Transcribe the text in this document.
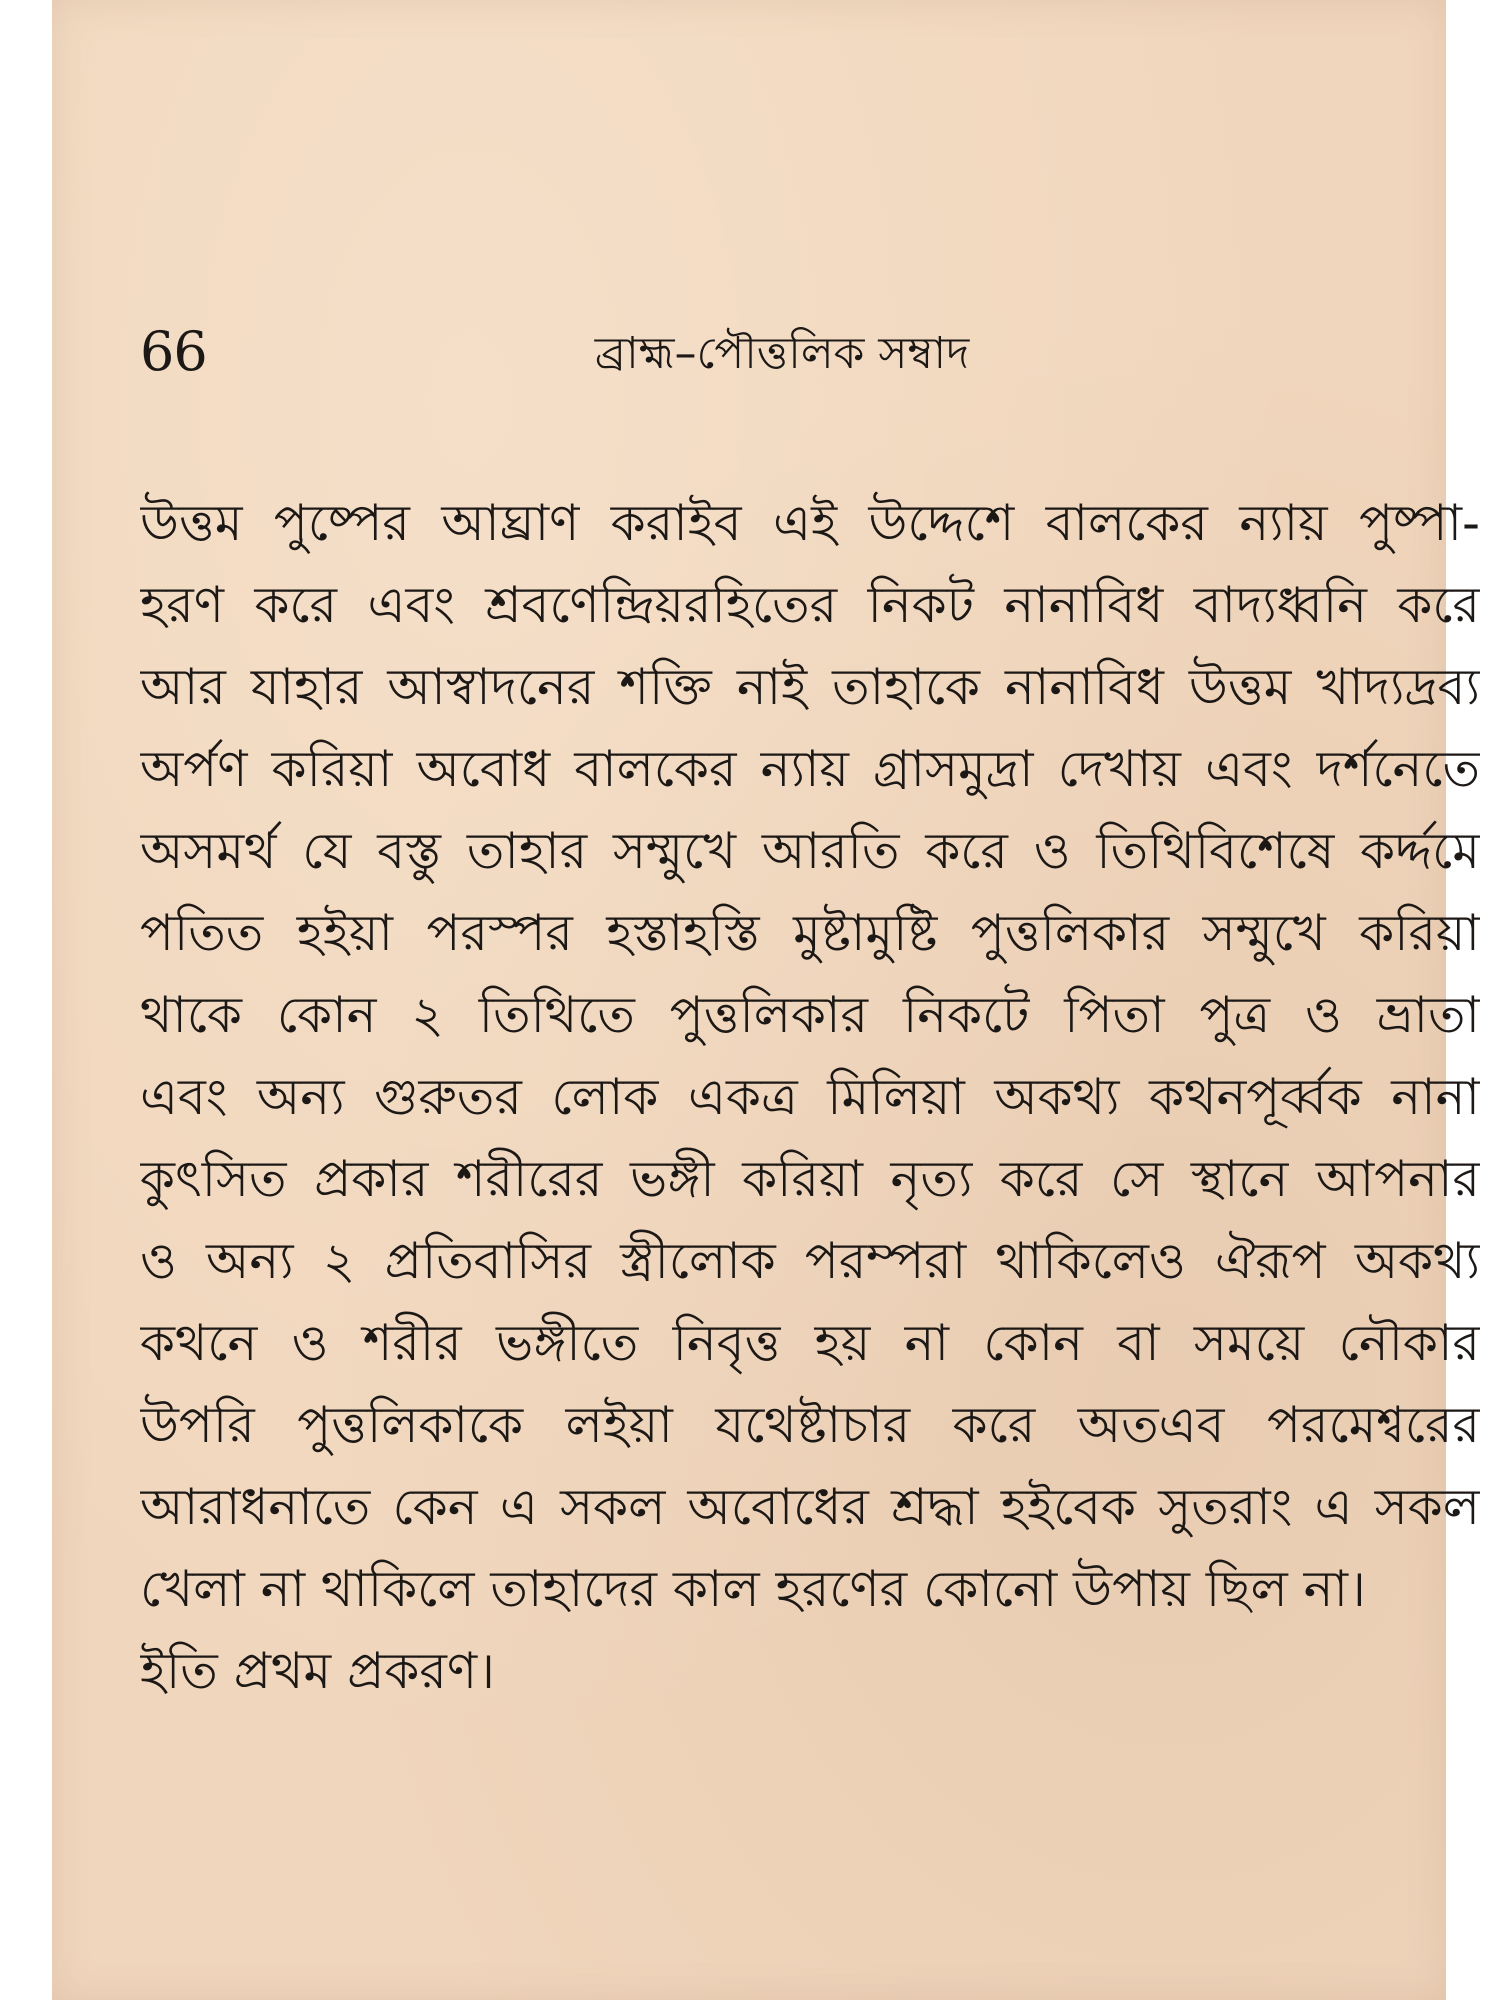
66	ব্রাহ্ম–পৌত্তলিক সম্বাদ
উত্তম পুষ্পের আঘ্রাণ করাইব এই উদ্দেশে বালকের ন্যায় পুষ্পা-
হরণ করে এবং শ্রবণেন্দ্রিয়রহিতের নিকট নানাবিধ বাদ্যধ্বনি করে
আর যাহার আস্বাদনের শক্তি নাই তাহাকে নানাবিধ উত্তম খাদ্যদ্রব্য
অর্পণ করিয়া অবোধ বালকের ন্যায় গ্রাসমুদ্রা দেখায় এবং দর্শনেতে
অসমর্থ যে বস্তু তাহার সম্মুখে আরতি করে ও তিথিবিশেষে কর্দ্দমে
পতিত হইয়া পরস্পর হস্তাহস্তি মুষ্টামুষ্টি পুত্তলিকার সম্মুখে করিয়া
থাকে কোন ২ তিথিতে পুত্তলিকার নিকটে পিতা পুত্র ও ভ্রাতা
এবং অন্য গুরুতর লোক একত্র মিলিয়া অকথ্য কথনপূর্ব্বক নানা
কুৎসিত প্রকার শরীরের ভঙ্গী করিয়া নৃত্য করে সে স্থানে আপনার
ও অন্য ২ প্রতিবাসির স্ত্রীলোক পরম্পরা থাকিলেও ঐরূপ অকথ্য
কথনে ও শরীর ভঙ্গীতে নিবৃত্ত হয় না কোন বা সময়ে নৌকার
উপরি পুত্তলিকাকে লইয়া যথেষ্টাচার করে অতএব পরমেশ্বরের
আরাধনাতে কেন এ সকল অবোধের শ্রদ্ধা হইবেক সুতরাং এ সকল
খেলা না থাকিলে তাহাদের কাল হরণের কোনো উপায় ছিল না।
ইতি প্রথম প্রকরণ।
